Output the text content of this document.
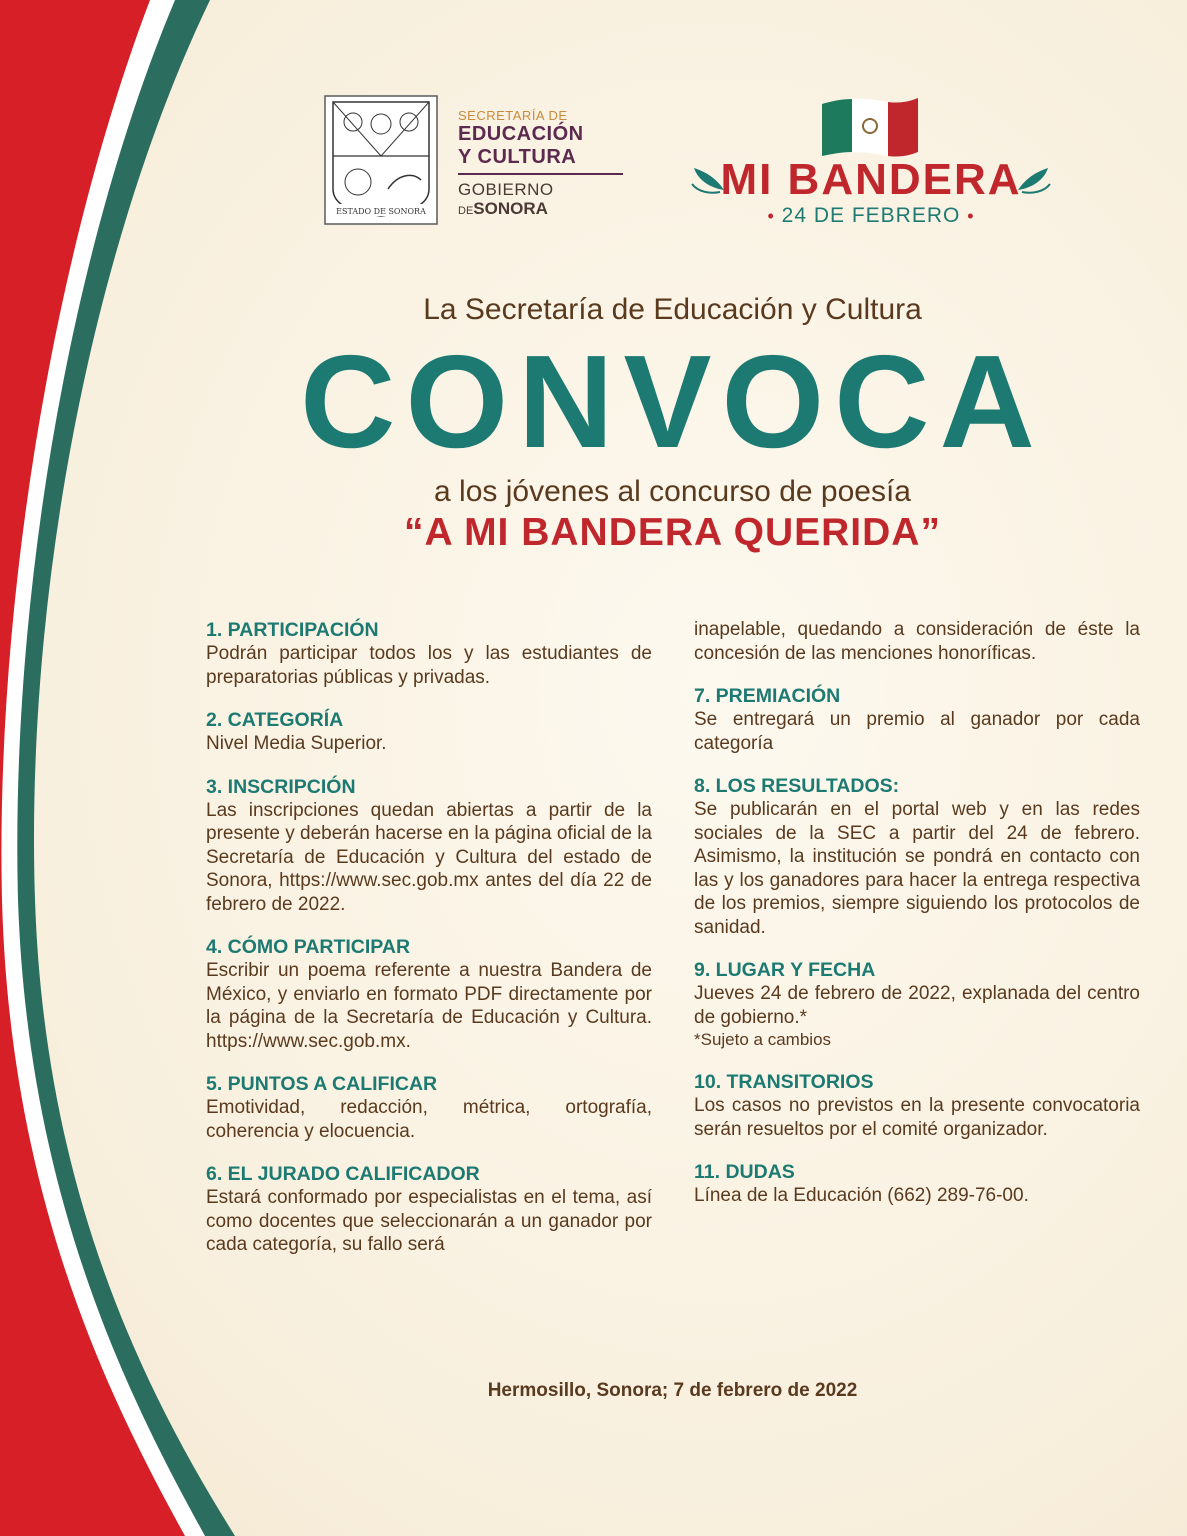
ESTADO DE SONORA
SECRETARÍA DE
EDUCACIÓN
Y CULTURA
GOBIERNO
DESONORA
MI BANDERA
• 24 DE FEBRERO •
La Secretaría de Educación y Cultura
CONVOCA
a los jóvenes al concurso de poesía
“A MI BANDERA QUERIDA”
1. PARTICIPACIÓN

Podrán participar todos los y las estudiantes de preparatorias públicas y privadas.

2. CATEGORÍA

Nivel Media Superior.

3. INSCRIPCIÓN

Las inscripciones quedan abiertas a partir de la presente y deberán hacerse en la página oficial de la Secretaría de Educación y Cultura del estado de Sonora, https://www.sec.gob.mx antes del día 22 de febrero de 2022.

4. CÓMO PARTICIPAR

Escribir un poema referente a nuestra Bandera de México, y enviarlo en formato PDF directamente por la página de la Secretaría de Educación y Cultura. https://www.sec.gob.mx.

5. PUNTOS A CALIFICAR

Emotividad, redacción, métrica, ortografía, coherencia y elocuencia.

6. EL JURADO CALIFICADOR

Estará conformado por especialistas en el tema, así como docentes que seleccionarán a un ganador por cada categoría, su fallo será

inapelable, quedando a consideración de éste la concesión de las menciones honoríficas.

7. PREMIACIÓN

Se entregará un premio al ganador por cada categoría

8. LOS RESULTADOS:

Se publicarán en el portal web y en las redes sociales de la SEC a partir del 24 de febrero. Asimismo, la institución se pondrá en contacto con las y los ganadores para hacer la entrega respectiva de los premios, siempre siguiendo los protocolos de sanidad.

9. LUGAR Y FECHA

Jueves 24 de febrero de 2022, explanada del centro de gobierno.*

*Sujeto a cambios

10. TRANSITORIOS

Los casos no previstos en la presente convocatoria serán resueltos por el comité organizador.

11. DUDAS

Línea de la Educación (662) 289-76-00.

Hermosillo, Sonora; 7 de febrero de 2022
